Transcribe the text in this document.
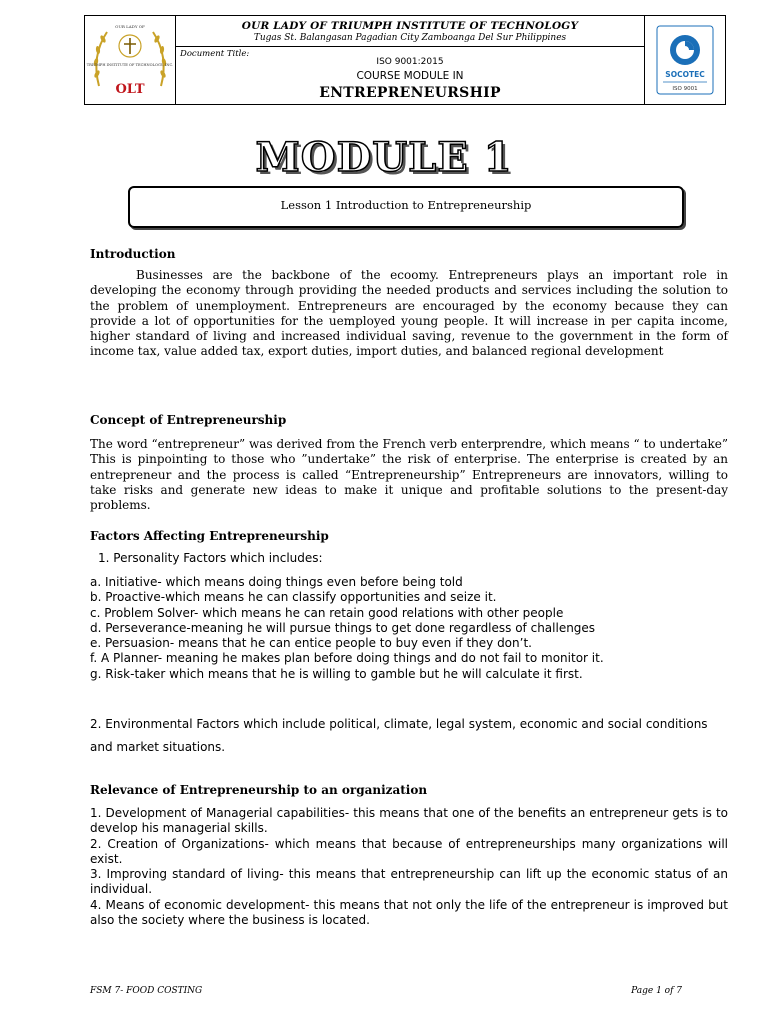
OUR LADY OF
TRIUMPH INSTITUTE OF TECHNOLOGY, INC.
OLT
OUR LADY OF TRIUMPH INSTITUTE OF TECHNOLOGY
Tugas St. Balangasan Pagadian City Zamboanga Del Sur Philippines
Document Title:
ISO 9001:2015
COURSE MODULE IN
ENTREPRENEURSHIP
SOCOTEC
ISO 9001
MODULE 1
Lesson 1 Introduction to Entrepreneurship
Introduction
Businesses are the backbone of the ecoomy. Entrepreneurs plays an important role in developing the economy through providing the needed products and services including the solution to the problem of unemployment. Entrepreneurs are encouraged by the economy because they can provide a lot of opportunities for the uemployed young people. It will increase in per capita income, higher standard of living and increased individual saving, revenue to the government in the form of income tax, value added tax, export duties, import duties, and balanced regional development
Concept of Entrepreneurship
The word “entrepreneur” was derived from the French verb enterprendre, which means “ to undertake” This is pinpointing to those who ”undertake” the risk of enterprise. The enterprise is created by an entrepreneur and the process is called “Entrepreneurship” Entrepreneurs are innovators, willing to take risks and generate new ideas to make it unique and profitable solutions to the present-day problems.
Factors Affecting Entrepreneurship
1. Personality Factors which includes:
a. Initiative- which means doing things even before being told
b. Proactive-which means he can classify opportunities and seize it.
c. Problem Solver- which means he can retain good relations with other people
d. Perseverance-meaning he will pursue things to get done regardless of challenges
e. Persuasion- means that he can entice people to buy even if they don’t.
f. A Planner- meaning he makes plan before doing things and do not fail to monitor it.
g. Risk-taker which means that he is willing to gamble but he will calculate it first.
2. Environmental Factors which include political, climate, legal system, economic and social conditions and market situations.
Relevance of Entrepreneurship to an organization
1. Development of Managerial capabilities- this means that one of the benefits an entrepreneur gets is to develop his managerial skills.
2. Creation of Organizations- which means that because of entrepreneurships many organizations will exist.
3. Improving standard of living- this means that entrepreneurship can lift up the economic status of an individual.
4. Means of economic development- this means that not only the life of the entrepreneur is improved but also the society where the business is located.
FSM 7- FOOD COSTING	Page 1 of 7
